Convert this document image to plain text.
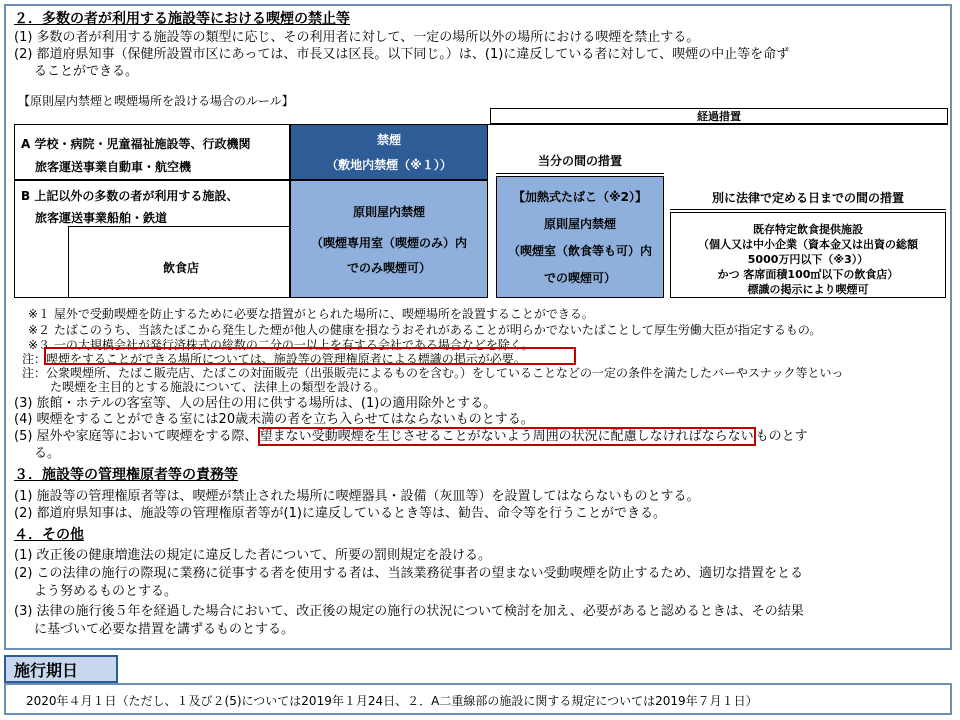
２．多数の者が利用する施設等における喫煙の禁止等
(1) 多数の者が利用する施設等の類型に応じ、その利用者に対して、一定の場所以外の場所における喫煙を禁止する。
(2) 都道府県知事（保健所設置市区にあっては、市長又は区長。以下同じ。）は、(1)に違反している者に対して、喫煙の中止等を命ず
ることができる。
【原則屋内禁煙と喫煙場所を設ける場合のルール】
経過措置
A 学校・病院・児童福祉施設等、行政機関
旅客運送事業自動車・航空機
禁煙
（敷地内禁煙（※１））
B 上記以外の多数の者が利用する施設、
旅客運送事業船舶・鉄道
飲食店
原則屋内禁煙
（喫煙専用室（喫煙のみ）内
でのみ喫煙可）
当分の間の措置
【加熱式たばこ（※2）】
原則屋内禁煙
（喫煙室（飲食等も可）内
での喫煙可）
別に法律で定める日までの間の措置
既存特定飲食提供施設
（個人又は中小企業（資本金又は出資の総額
5000万円以下（※3））
かつ 客席面積100㎡以下の飲食店）
標識の掲示により喫煙可
※１ 屋外で受動喫煙を防止するために必要な措置がとられた場所に、喫煙場所を設置することができる。
※２ たばこのうち、当該たばこから発生した煙が他人の健康を損なうおそれがあることが明らかでないたばことして厚生労働大臣が指定するもの。
※３ 一の大規模会社が発行済株式の総数の二分の一以上を有する会社である場合などを除く。
注：喫煙をすることができる場所については、施設等の管理権原者による標識の掲示が必要。
注：公衆喫煙所、たばこ販売店、たばこの対面販売（出張販売によるものを含む。）をしていることなどの一定の条件を満たしたバーやスナック等といっ
た喫煙を主目的とする施設について、法律上の類型を設ける。
(3) 旅館・ホテルの客室等、人の居住の用に供する場所は、(1)の適用除外とする。
(4) 喫煙をすることができる室には20歳未満の者を立ち入らせてはならないものとする。
(5) 屋外や家庭等において喫煙をする際、 望まない受動喫煙を生じさせることがないよう周囲の状況に配慮しなければならない ものとす
る。
３．施設等の管理権原者等の責務等
(1) 施設等の管理権原者等は、喫煙が禁止された場所に喫煙器具・設備（灰皿等）を設置してはならないものとする。
(2) 都道府県知事は、施設等の管理権原者等が(1)に違反しているとき等は、勧告、命令等を行うことができる。
４．その他
(1) 改正後の健康増進法の規定に違反した者について、所要の罰則規定を設ける。
(2) この法律の施行の際現に業務に従事する者を使用する者は、当該業務従事者の望まない受動喫煙を防止するため、適切な措置をとる
よう努めるものとする。
(3) 法律の施行後５年を経過した場合において、改正後の規定の施行の状況について検討を加え、必要があると認めるときは、その結果
に基づいて必要な措置を講ずるものとする。
2020年４月１日（ただし、１及び２(5)については2019年１月24日、２．A二重線部の施設に関する規定については2019年７月１日）
施行期日
